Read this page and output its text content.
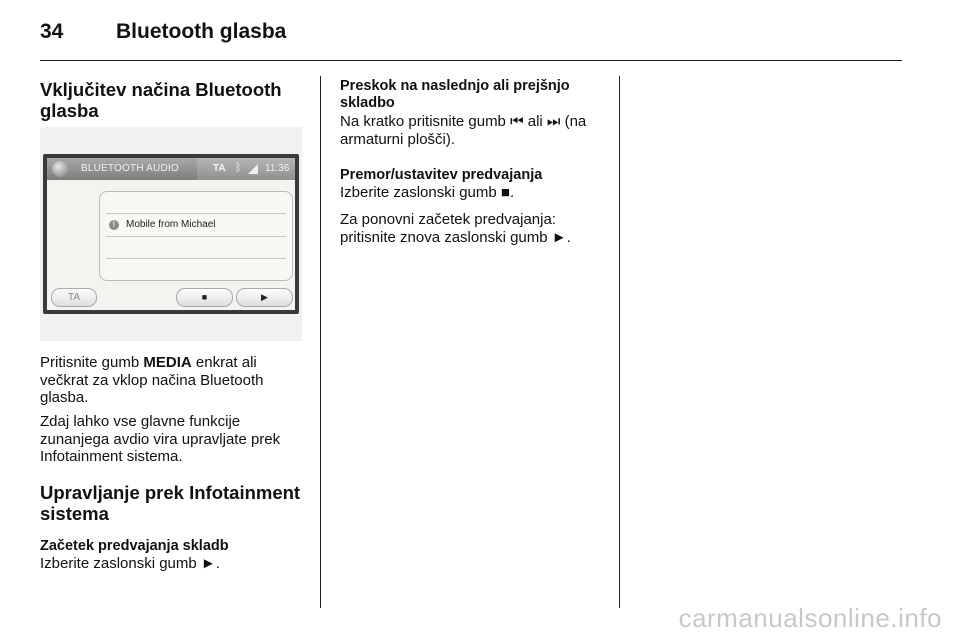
34	Bluetooth glasba
Vključitev načina Bluetooth glasba
BLUETOOTH AUDIO	TA ᛒ 11:36
ᛒ Mobile from Michael
TA	■	▶
Pritisnite gumb MEDIA enkrat ali večkrat za vklop načina Bluetooth glasba.
Zdaj lahko vse glavne funkcije zunanjega avdio vira upravljate prek Infotainment sistema.
Upravljanje prek Infotainment sistema
Začetek predvajanja skladb
Izberite zaslonski gumb ►.
Preskok na naslednjo ali prejšnjo skladbo
Na kratko pritisnite gumb ⏮ ali ⏭ (na armaturni plošči).
Premor/ustavitev predvajanja
Izberite zaslonski gumb ■.
Za ponovni začetek predvajanja: pritisnite znova zaslonski gumb ►.
carmanualsonline.info
